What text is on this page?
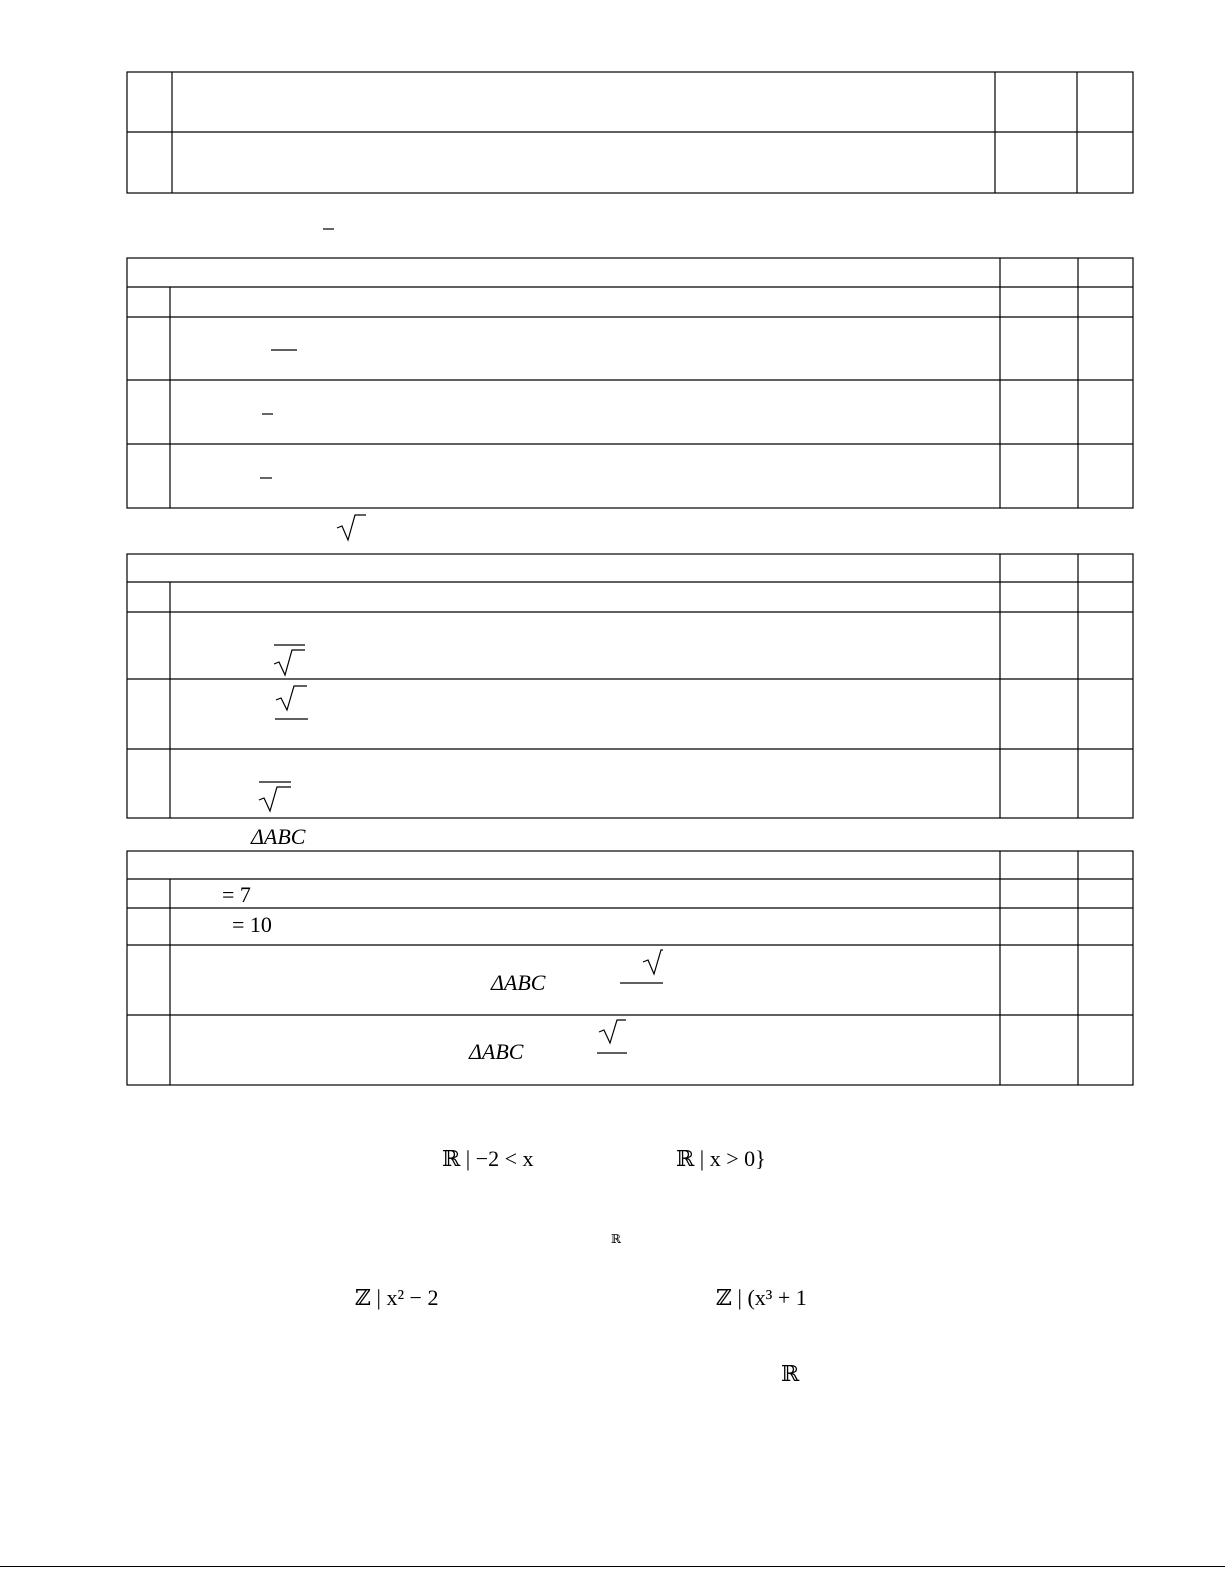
ΔABC
= 7
= 10
ΔABC
ΔABC
ℝ | −2 < x	ℝ | x > 0}
ℝ
ℤ | x² − 2	ℤ | (x³ + 1
ℝ
